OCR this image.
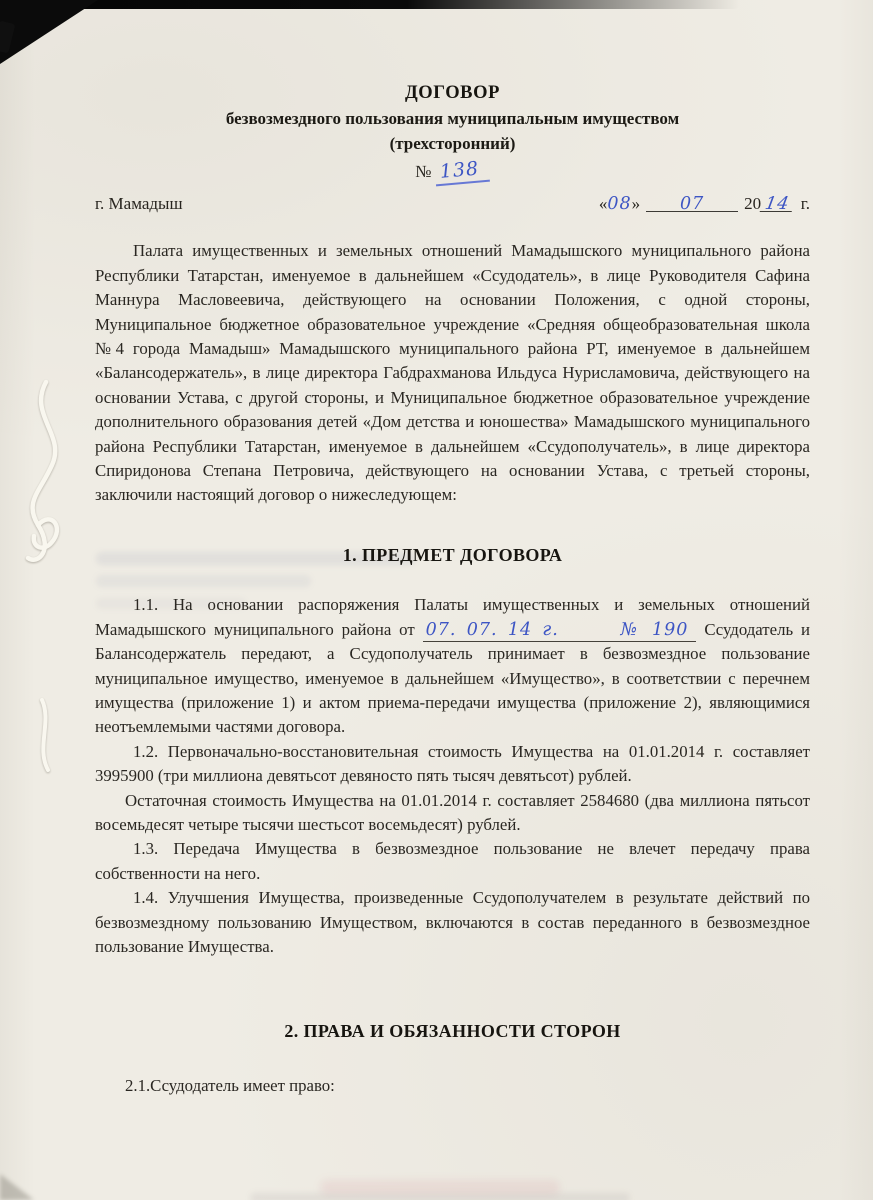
ДОГОВОР
безвозмездного пользования муниципальным имуществом
(трехсторонний)
№ 138
г. Мамадыш	«08» 07 20 14 г.

Палата имущественных и земельных отношений Мамадышского муниципального района Республики Татарстан, именуемое в дальнейшем «Ссудодатель», в лице Руководителя Сафина Маннура Масловеевича, действующего на основании Положения, с одной стороны, Муниципальное бюджетное образовательное учреждение «Средняя общеобразовательная школа №4 города Мамадыш» Мамадышского муниципального района РТ, именуемое в дальнейшем «Балансодержатель», в лице директора Габдрахманова Ильдуса Нурисламовича, действующего на основании Устава, с другой стороны, и Муниципальное бюджетное образовательное учреждение дополнительного образования детей «Дом детства и юношества» Мамадышского муниципального района Республики Татарстан, именуемое в дальнейшем «Ссудополучатель», в лице директора Спиридонова Степана Петровича, действующего на основании Устава, с третьей стороны, заключили настоящий договор о нижеследующем:

1. ПРЕДМЕТ ДОГОВОРА

1.1. На основании распоряжения Палаты имущественных и земельных отношений Мамадышского муниципального района от 07. 07. 14 г.      № 190 Ссудодатель и Балансодержатель передают, а Ссудополучатель принимает в безвозмездное пользование муниципальное имущество, именуемое в дальнейшем «Имущество», в соответствии с перечнем имущества (приложение 1) и актом приема-передачи имущества (приложение 2), являющимися неотъемлемыми частями договора.

1.2. Первоначально-восстановительная стоимость Имущества на 01.01.2014 г. составляет 3995900 (три миллиона девятьсот девяносто пять тысяч девятьсот) рублей.

Остаточная стоимость Имущества на 01.01.2014 г. составляет 2584680 (два миллиона пятьсот восемьдесят четыре тысячи шестьсот восемьдесят) рублей.

1.3. Передача Имущества в безвозмездное пользование не влечет передачу права собственности на него.

1.4. Улучшения Имущества, произведенные Ссудополучателем в результате действий по безвозмездному пользованию Имуществом, включаются в состав переданного в безвозмездное пользование Имущества.

2. ПРАВА И ОБЯЗАННОСТИ СТОРОН

2.1.Ссудодатель имеет право:
